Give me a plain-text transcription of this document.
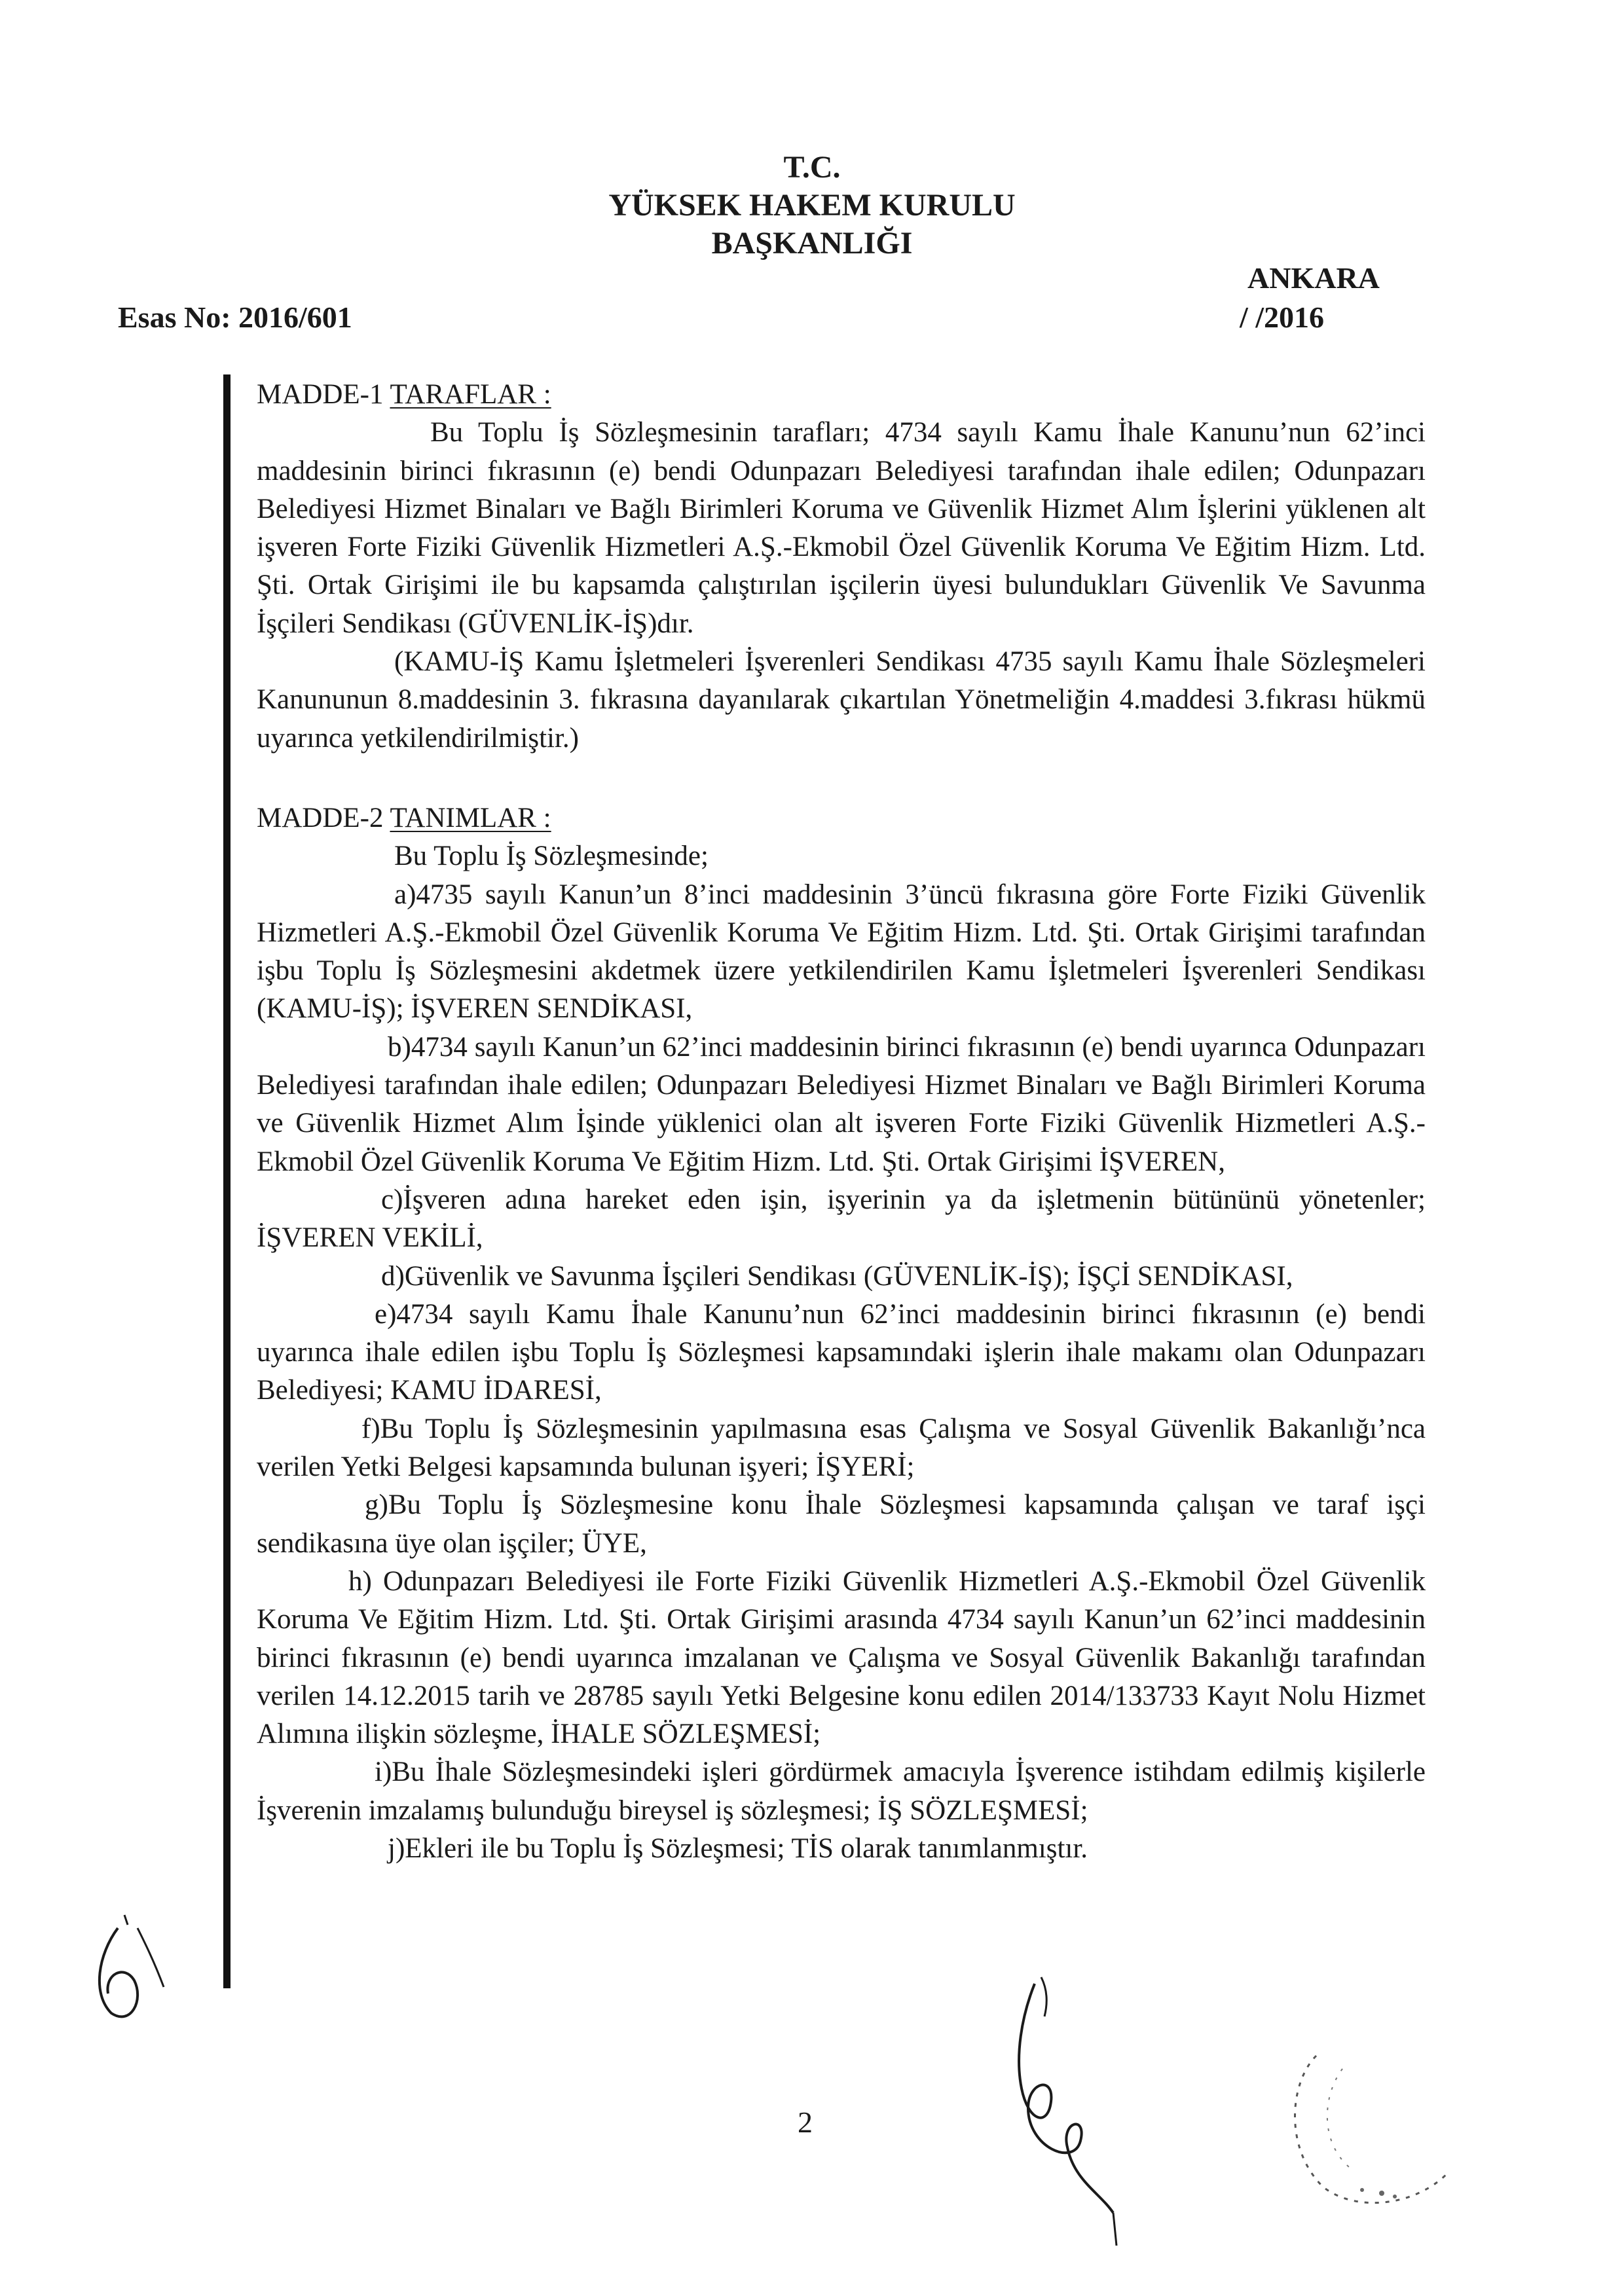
T.C.
YÜKSEK HAKEM KURULU
BAŞKANLIĞI
ANKARA
Esas No: 2016/601	/ /2016

MADDE-1 TARAFLAR :

Bu Toplu İş Sözleşmesinin tarafları; 4734 sayılı Kamu İhale Kanunu’nun 62’inci maddesinin birinci fıkrasının (e) bendi Odunpazarı Belediyesi tarafından ihale edilen; Odunpazarı Belediyesi Hizmet Binaları ve Bağlı Birimleri Koruma ve Güvenlik Hizmet Alım İşlerini yüklenen alt işveren Forte Fiziki Güvenlik Hizmetleri A.Ş.-Ekmobil Özel Güvenlik Koruma Ve Eğitim Hizm. Ltd. Şti. Ortak Girişimi ile bu kapsamda çalıştırılan işçilerin üyesi bulundukları Güvenlik Ve Savunma İşçileri Sendikası (GÜVENLİK-İŞ)dır.

(KAMU-İŞ Kamu İşletmeleri İşverenleri Sendikası 4735 sayılı Kamu İhale Sözleşmeleri Kanununun 8.maddesinin 3. fıkrasına dayanılarak çıkartılan Yönetmeliğin 4.maddesi 3.fıkrası hükmü uyarınca yetkilendirilmiştir.)

MADDE-2 TANIMLAR :

Bu Toplu İş Sözleşmesinde;

a)4735 sayılı Kanun’un 8’inci maddesinin 3’üncü fıkrasına göre Forte Fiziki Güvenlik Hizmetleri A.Ş.-Ekmobil Özel Güvenlik Koruma Ve Eğitim Hizm. Ltd. Şti. Ortak Girişimi tarafından işbu Toplu İş Sözleşmesini akdetmek üzere yetkilendirilen Kamu İşletmeleri İşverenleri Sendikası (KAMU-İŞ); İŞVEREN SENDİKASI,

b)4734 sayılı Kanun’un 62’inci maddesinin birinci fıkrasının (e) bendi uyarınca Odunpazarı Belediyesi tarafından ihale edilen; Odunpazarı Belediyesi Hizmet Binaları ve Bağlı Birimleri Koruma ve Güvenlik Hizmet Alım İşinde yüklenici olan alt işveren Forte Fiziki Güvenlik Hizmetleri A.Ş.-Ekmobil Özel Güvenlik Koruma Ve Eğitim Hizm. Ltd. Şti. Ortak Girişimi İŞVEREN,

c)İşveren adına hareket eden işin, işyerinin ya da işletmenin bütününü yönetenler; İŞVEREN VEKİLİ,

d)Güvenlik ve Savunma İşçileri Sendikası (GÜVENLİK-İŞ); İŞÇİ SENDİKASI,

e)4734 sayılı Kamu İhale Kanunu’nun 62’inci maddesinin birinci fıkrasının (e) bendi uyarınca ihale edilen işbu Toplu İş Sözleşmesi kapsamındaki işlerin ihale makamı olan Odunpazarı Belediyesi; KAMU İDARESİ,

f)Bu Toplu İş Sözleşmesinin yapılmasına esas Çalışma ve Sosyal Güvenlik Bakanlığı’nca verilen Yetki Belgesi kapsamında bulunan işyeri; İŞYERİ;

g)Bu Toplu İş Sözleşmesine konu İhale Sözleşmesi kapsamında çalışan ve taraf işçi sendikasına üye olan işçiler; ÜYE,

h) Odunpazarı Belediyesi ile Forte Fiziki Güvenlik Hizmetleri A.Ş.-Ekmobil Özel Güvenlik Koruma Ve Eğitim Hizm. Ltd. Şti. Ortak Girişimi arasında 4734 sayılı Kanun’un 62’inci maddesinin birinci fıkrasının (e) bendi uyarınca imzalanan ve Çalışma ve Sosyal Güvenlik Bakanlığı tarafından verilen 14.12.2015 tarih ve 28785 sayılı Yetki Belgesine konu edilen 2014/133733 Kayıt Nolu Hizmet Alımına ilişkin sözleşme, İHALE SÖZLEŞMESİ;

i)Bu İhale Sözleşmesindeki işleri gördürmek amacıyla İşverence istihdam edilmiş kişilerle İşverenin imzalamış bulunduğu bireysel iş sözleşmesi; İŞ SÖZLEŞMESİ;

j)Ekleri ile bu Toplu İş Sözleşmesi; TİS olarak tanımlanmıştır.

2
